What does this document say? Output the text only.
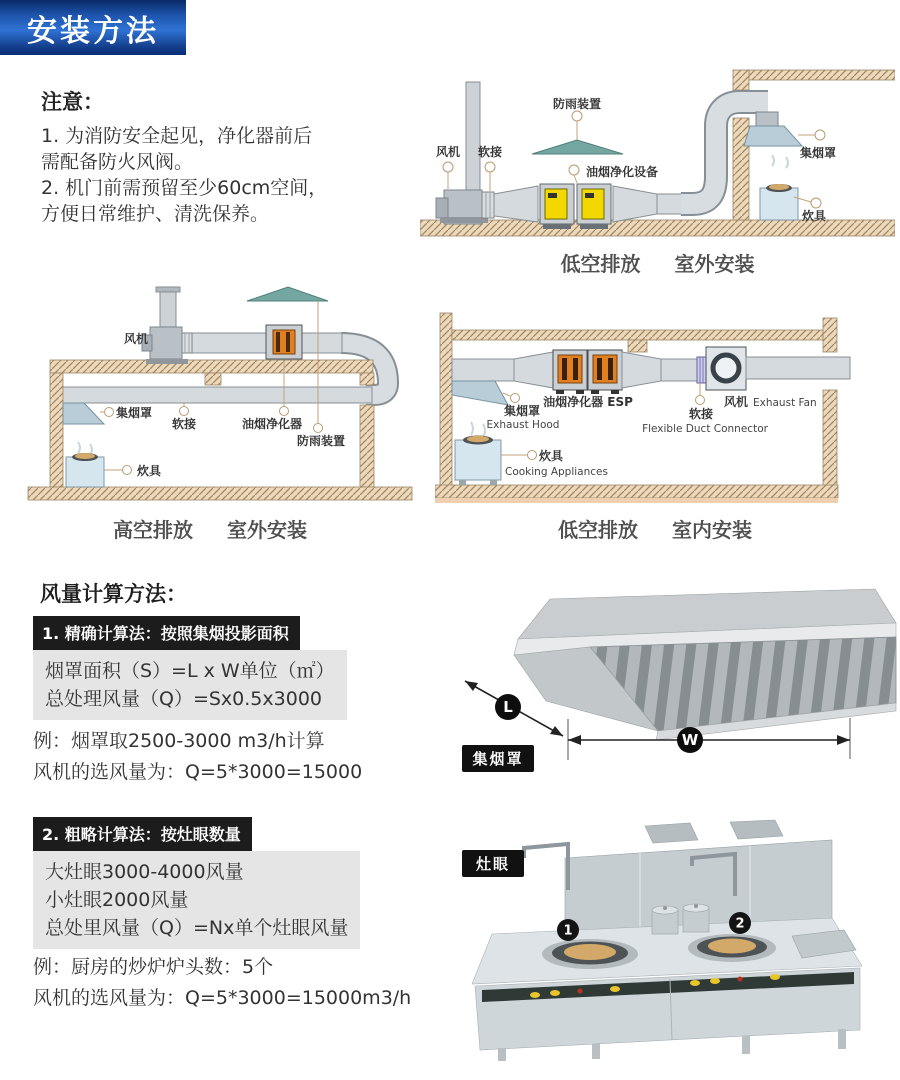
安装方法
注意：
1. 为消防安全起见，净化器前后
需配备防火风阀。
2. 机门前需预留至少60cm空间，
方便日常维护、清洗保养。
防雨装置
风机 软接
油烟净化设备
集烟罩
炊具
低空排放 室外安装
风机
防雨装置
集烟罩
软接	油烟净化器
炊具
高空排放 室外安装
集烟罩
Exhaust Hood
油烟净化器 ESP
软接
Flexible Duct Connector
风机 Exhaust Fan
炊具
Cooking Appliances
低空排放 室内安装
风量计算方法：
1. 精确计算法：按照集烟投影面积
烟罩面积（S）=L x W单位（㎡）
总处理风量（Q）=Sx0.5x3000
例：烟罩取2500-3000 m3/h计算
风机的选风量为：Q=5*3000=15000
2. 粗略计算法：按灶眼数量
大灶眼3000-4000风量
小灶眼2000风量
总处里风量（Q）=Nx单个灶眼风量
例：厨房的炒炉炉头数：5个
风机的选风量为：Q=5*3000=15000m3/h
L
W
集烟罩
1	2
灶眼
